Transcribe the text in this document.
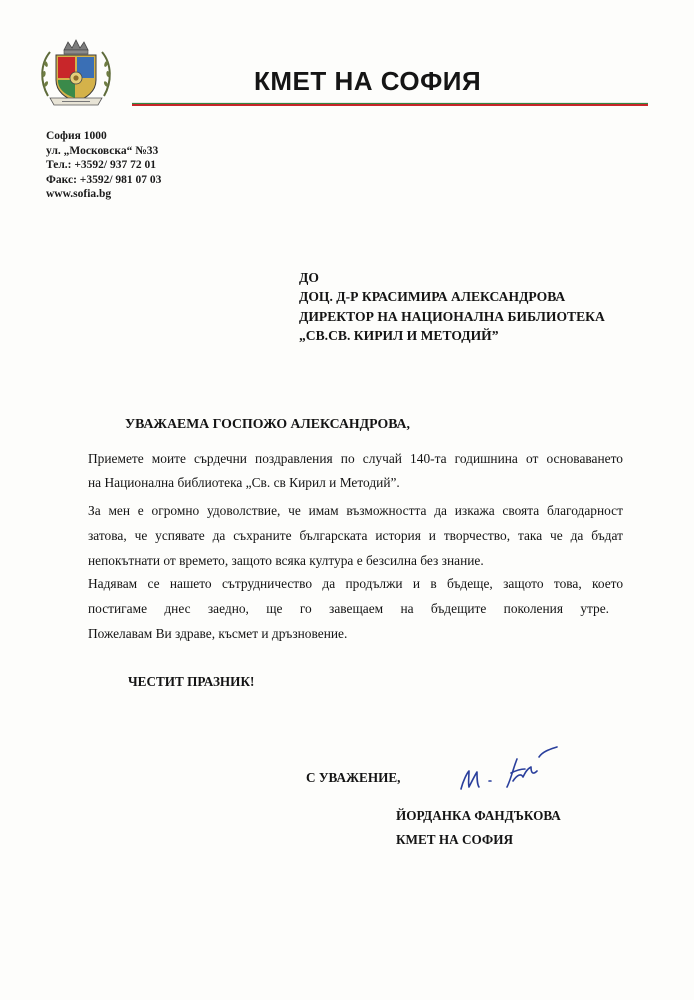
КМЕТ НА СОФИЯ
София 1000
ул. „Московска“ №33
Тел.: +3592/ 937 72 01
Факс: +3592/ 981 07 03
www.sofia.bg
ДО
ДОЦ. Д-Р КРАСИМИРА АЛЕКСАНДРОВА
ДИРЕКТОР НА НАЦИОНАЛНА БИБЛИОТЕКА
„СВ.СВ. КИРИЛ И МЕТОДИЙ”
УВАЖАЕМА ГОСПОЖО АЛЕКСАНДРОВА,
Приемете моите сърдечни поздравления по случай 140-та годишнина от основаването
на Национална библиотека „Св. св Кирил и Методий”.
За мен е огромно удоволствие, че имам възможността да изкажа своята благодарност
затова, че успявате да съхраните българската история и творчество, така че да бъдат
непокътнати от времето, защото всяка култура е безсилна без знание.
Надявам се нашето сътрудничество да продължи и в бъдеще, защото това, което
постигаме днес заедно, ще го завещаем на бъдещите поколения утре.
Пожелавам Ви здраве, късмет и дръзновение.
ЧЕСТИТ ПРАЗНИК!
С УВАЖЕНИЕ,
ЙОРДАНКА ФАНДЪКОВА
КМЕТ НА СОФИЯ
